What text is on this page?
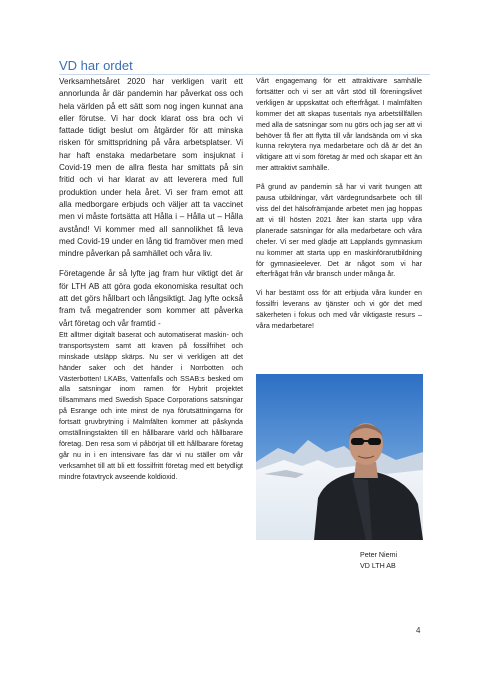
VD har ordet

Verksamhetsåret 2020 har verkligen varit ett annorlunda år där pandemin har påverkat oss och hela världen på ett sätt som nog ingen kunnat ana eller förutse. Vi har dock klarat oss bra och vi fattade tidigt beslut om åtgärder för att minska risken för smittspridning på våra arbetsplatser. Vi har haft enstaka medarbetare som insjuknat i Covid-19 men de allra flesta har smittats på sin fritid och vi har klarat av att leverera med full produktion under hela året. Vi ser fram emot att alla medborgare erbjuds och väljer att ta vaccinet men vi måste fortsätta att Hålla i – Hålla ut – Hålla avstånd! Vi kommer med all sannolikhet få leva med Covid-19 under en lång tid framöver men med mindre påverkan på samhället och våra liv.

Företagende år så lyfte jag fram hur viktigt det är för LTH AB att göra goda ekonomiska resultat och att det görs hållbart och långsiktigt. Jag lyfte också fram två megatrender som kommer att påverka vårt företag och vår framtid -

Ett alltmer digitalt baserat och automatiserat maskin- och transportsystem samt att kraven på fossilfrihet och minskade utsläpp skärps. Nu ser vi verkligen att det händer saker och det händer i Norrbotten och Västerbotten! LKABs, Vattenfalls och SSAB:s besked om alla satsningar inom ramen för Hybrit projektet tillsammans med Swedish Space Corporations satsningar på Esrange och inte minst de nya förutsättningarna för fortsatt gruvbrytning i Malmfälten kommer att påskynda omställningstakten till en hållbarare värld och hållbarare företag. Den resa som vi påbörjat till ett hållbarare företag går nu in i en intensivare fas där vi nu ställer om vår verksamhet till att bli ett fossilfritt företag med ett betydligt mindre fotavtryck avseende koldioxid.

Vårt engagemang för ett attraktivare samhälle fortsätter och vi ser att vårt stöd till föreningslivet verkligen är uppskattat och efterfrågat. I malmfälten kommer det att skapas tusentals nya arbetstillfällen med alla de satsningar som nu görs och jag ser att vi behöver få fler att flytta till vår landsända om vi ska kunna rekrytera nya medarbetare och då är det än viktigare att vi som företag är med och skapar ett än mer attraktivt samhälle.

På grund av pandemin så har vi varit tvungen att pausa utbildningar, vårt värdegrundsarbete och till viss del det hälsofrämjande arbetet men jag hoppas att vi till hösten 2021 åter kan starta upp våra planerade satsningar för alla medarbetare och våra chefer. Vi ser med glädje att Lapplands gymnasium nu kommer att starta upp en maskinförarutbildning för gymnasieelever. Det är något som vi har efterfrågat från vår bransch under många år.

Vi har bestämt oss för att erbjuda våra kunder en fossilfri leverans av tjänster och vi gör det med säkerheten i fokus och med vår viktigaste resurs – våra medarbetare!

Peter Niemi
VD LTH AB
4
